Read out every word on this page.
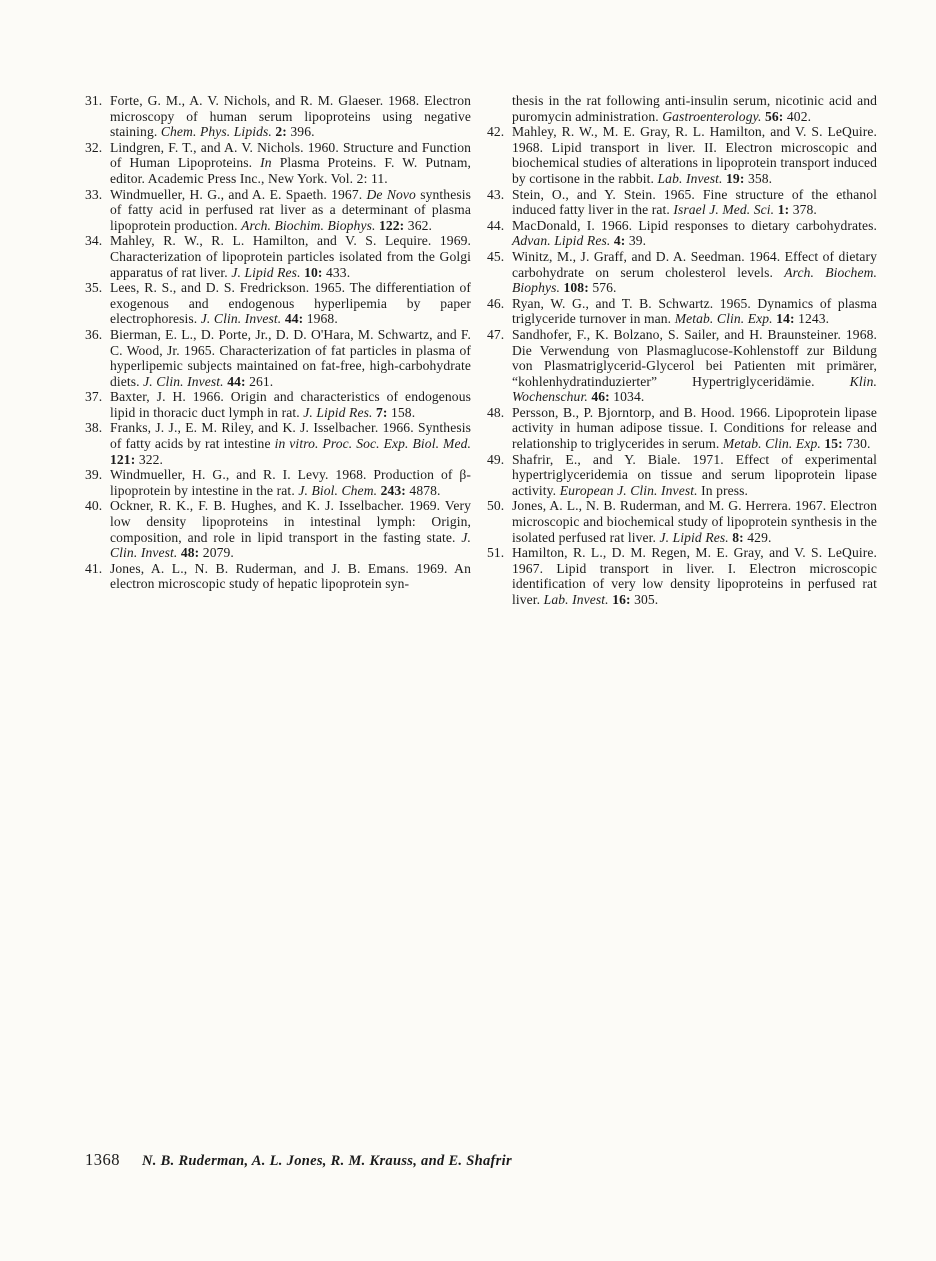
31. Forte, G. M., A. V. Nichols, and R. M. Glaeser. 1968. Electron microscopy of human serum lipoproteins using negative staining. Chem. Phys. Lipids. 2: 396.
32. Lindgren, F. T., and A. V. Nichols. 1960. Structure and Function of Human Lipoproteins. In Plasma Proteins. F. W. Putnam, editor. Academic Press Inc., New York. Vol. 2: 11.
33. Windmueller, H. G., and A. E. Spaeth. 1967. De Novo synthesis of fatty acid in perfused rat liver as a determinant of plasma lipoprotein production. Arch. Biochim. Biophys. 122: 362.
34. Mahley, R. W., R. L. Hamilton, and V. S. Lequire. 1969. Characterization of lipoprotein particles isolated from the Golgi apparatus of rat liver. J. Lipid Res. 10: 433.
35. Lees, R. S., and D. S. Fredrickson. 1965. The differentiation of exogenous and endogenous hyperlipemia by paper electrophoresis. J. Clin. Invest. 44: 1968.
36. Bierman, E. L., D. Porte, Jr., D. D. O'Hara, M. Schwartz, and F. C. Wood, Jr. 1965. Characterization of fat particles in plasma of hyperlipemic subjects maintained on fat-free, high-carbohydrate diets. J. Clin. Invest. 44: 261.
37. Baxter, J. H. 1966. Origin and characteristics of endogenous lipid in thoracic duct lymph in rat. J. Lipid Res. 7: 158.
38. Franks, J. J., E. M. Riley, and K. J. Isselbacher. 1966. Synthesis of fatty acids by rat intestine in vitro. Proc. Soc. Exp. Biol. Med. 121: 322.
39. Windmueller, H. G., and R. I. Levy. 1968. Production of β-lipoprotein by intestine in the rat. J. Biol. Chem. 243: 4878.
40. Ockner, R. K., F. B. Hughes, and K. J. Isselbacher. 1969. Very low density lipoproteins in intestinal lymph: Origin, composition, and role in lipid transport in the fasting state. J. Clin. Invest. 48: 2079.
41. Jones, A. L., N. B. Ruderman, and J. B. Emans. 1969. An electron microscopic study of hepatic lipoprotein syn-
thesis in the rat following anti-insulin serum, nicotinic acid and puromycin administration. Gastroenterology. 56: 402.
42. Mahley, R. W., M. E. Gray, R. L. Hamilton, and V. S. LeQuire. 1968. Lipid transport in liver. II. Electron microscopic and biochemical studies of alterations in lipoprotein transport induced by cortisone in the rabbit. Lab. Invest. 19: 358.
43. Stein, O., and Y. Stein. 1965. Fine structure of the ethanol induced fatty liver in the rat. Israel J. Med. Sci. 1: 378.
44. MacDonald, I. 1966. Lipid responses to dietary carbohydrates. Advan. Lipid Res. 4: 39.
45. Winitz, M., J. Graff, and D. A. Seedman. 1964. Effect of dietary carbohydrate on serum cholesterol levels. Arch. Biochem. Biophys. 108: 576.
46. Ryan, W. G., and T. B. Schwartz. 1965. Dynamics of plasma triglyceride turnover in man. Metab. Clin. Exp. 14: 1243.
47. Sandhofer, F., K. Bolzano, S. Sailer, and H. Braunsteiner. 1968. Die Verwendung von Plasmaglucose-Kohlenstoff zur Bildung von Plasmatriglycerid-Glycerol bei Patienten mit primärer, “kohlenhydratinduzierter” Hypertriglyceridämie. Klin. Wochenschur. 46: 1034.
48. Persson, B., P. Bjorntorp, and B. Hood. 1966. Lipoprotein lipase activity in human adipose tissue. I. Conditions for release and relationship to triglycerides in serum. Metab. Clin. Exp. 15: 730.
49. Shafrir, E., and Y. Biale. 1971. Effect of experimental hypertriglyceridemia on tissue and serum lipoprotein lipase activity. European J. Clin. Invest. In press.
50. Jones, A. L., N. B. Ruderman, and M. G. Herrera. 1967. Electron microscopic and biochemical study of lipoprotein synthesis in the isolated perfused rat liver. J. Lipid Res. 8: 429.
51. Hamilton, R. L., D. M. Regen, M. E. Gray, and V. S. LeQuire. 1967. Lipid transport in liver. I. Electron microscopic identification of very low density lipoproteins in perfused rat liver. Lab. Invest. 16: 305.
1368 N. B. Ruderman, A. L. Jones, R. M. Krauss, and E. Shafrir
